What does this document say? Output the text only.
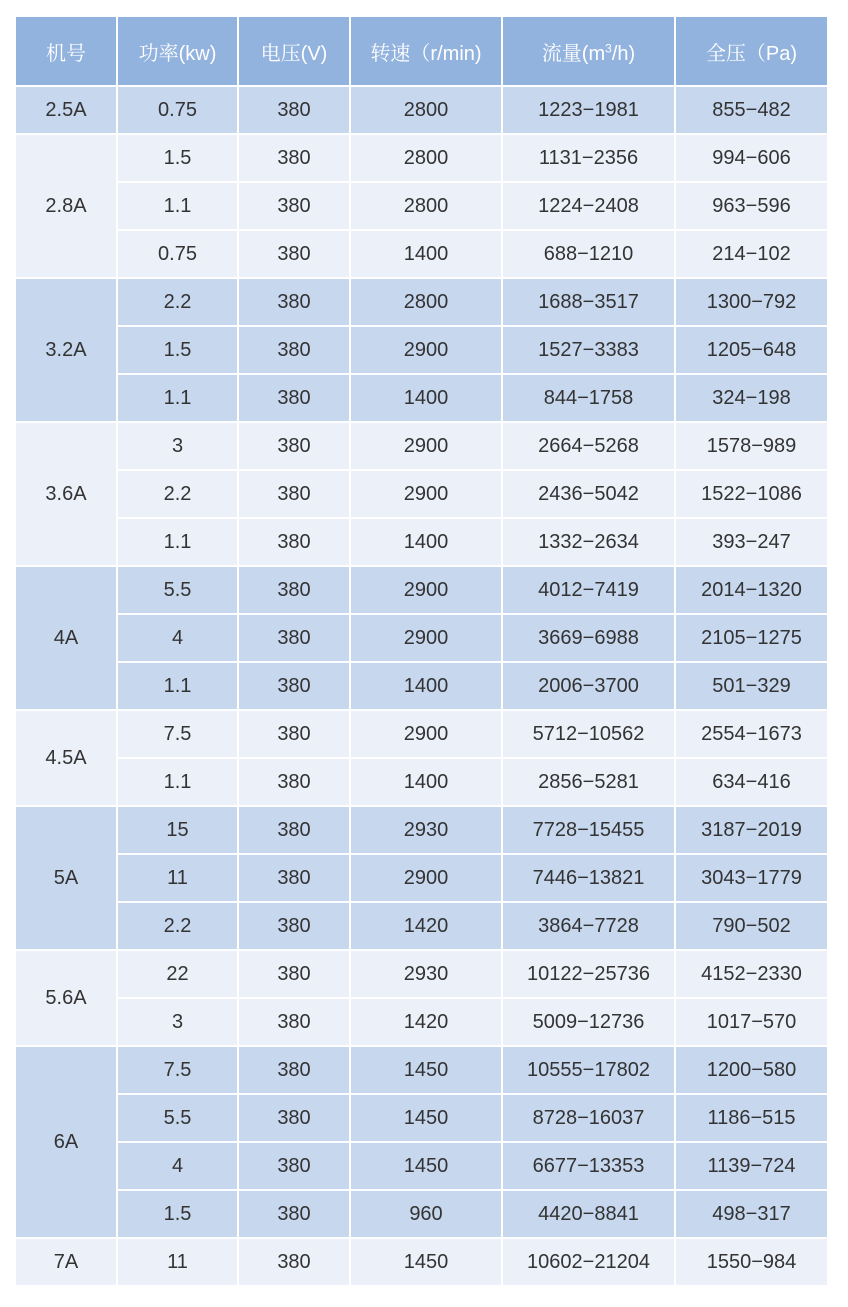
机号	功率(kw)	电压(V)	转速（r/min)	流量$(m^3/h)$	全压（Pa)
2.5A	0.75	380	2800	1223−1981	855−482
2.8A	1.5	380	2800	1131−2356	994−606
	1.1	380	2800	1224−2408	963−596
	0.75	380	1400	688−1210	214−102
3.2A	2.2	380	2800	1688−3517	1300−792
	1.5	380	2900	1527−3383	1205−648
	1.1	380	1400	844−1758	324−198
3.6A	3	380	2900	2664−5268	1578−989
	2.2	380	2900	2436−5042	1522−1086
	1.1	380	1400	1332−2634	393−247
4A	5.5	380	2900	4012−7419	2014−1320
	4	380	2900	3669−6988	2105−1275
	1.1	380	1400	2006−3700	501−329
4.5A	7.5	380	2900	5712−10562	2554−1673
	1.1	380	1400	2856−5281	634−416
5A	15	380	2930	7728−15455	3187−2019
	11	380	2900	7446−13821	3043−1779
	2.2	380	1420	3864−7728	790−502
5.6A	22	380	2930	10122−25736	4152−2330
	3	380	1420	5009−12736	1017−570
6A	7.5	380	1450	10555−17802	1200−580
	5.5	380	1450	8728−16037	1186−515
	4	380	1450	6677−13353	1139−724
	1.5	380	960	4420−8841	498−317
7A	11	380	1450	10602−21204	1550−984
